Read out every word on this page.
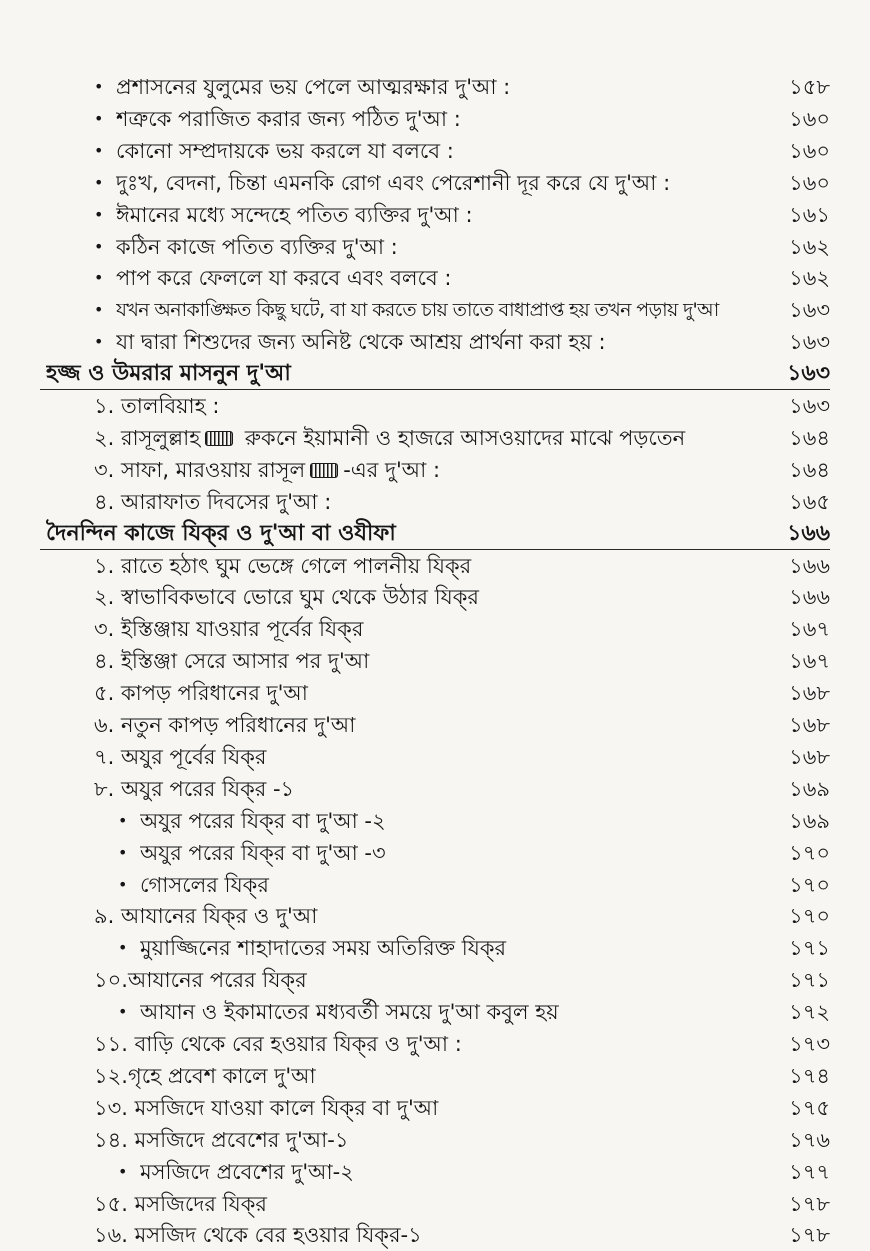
• প্রশাসনের যুলুমের ভয় পেলে আত্মরক্ষার দু'আ :	১৫৮
• শত্রুকে পরাজিত করার জন্য পঠিত দু'আ :	১৬০
• কোনো সম্প্রদায়কে ভয় করলে যা বলবে :	১৬০
• দুঃখ, বেদনা, চিন্তা এমনকি রোগ এবং পেরেশানী দূর করে যে দু'আ :	১৬০
• ঈমানের মধ্যে সন্দেহে পতিত ব্যক্তির দু'আ :	১৬১
• কঠিন কাজে পতিত ব্যক্তির দু'আ :	১৬২
• পাপ করে ফেললে যা করবে এবং বলবে :	১৬২
• যখন অনাকাঙ্ক্ষিত কিছু ঘটে, বা যা করতে চায় তাতে বাধাপ্রাপ্ত হয় তখন পড়ায় দু'আ	১৬৩
• যা দ্বারা শিশুদের জন্য অনিষ্ট থেকে আশ্রয় প্রার্থনা করা হয় :	১৬৩
হজ্জ ও উমরার মাসনুন দু'আ	১৬৩
১. তালবিয়াহ :	১৬৩
২. রাসূলুল্লাহ রুকনে ইয়ামানী ও হাজরে আসওয়াদের মাঝে পড়তেন	১৬৪
৩. সাফা, মারওয়ায় রাসূল -এর দু'আ :	১৬৪
৪. আরাফাত দিবসের দু'আ :	১৬৫
দৈনন্দিন কাজে যিক্‌র ও দু'আ বা ওযীফা	১৬৬
১. রাতে হঠাৎ ঘুম ভেঙ্গে গেলে পালনীয় যিক্‌র	১৬৬
২. স্বাভাবিকভাবে ভোরে ঘুম থেকে উঠার যিক্‌র	১৬৬
৩. ইস্তিঞ্জায় যাওয়ার পূর্বের যিক্‌র	১৬৭
৪. ইস্তিঞ্জা সেরে আসার পর দু'আ	১৬৭
৫. কাপড় পরিধানের দু'আ	১৬৮
৬. নতুন কাপড় পরিধানের দু'আ	১৬৮
৭. অযুর পূর্বের যিক্‌র	১৬৮
৮. অযুর পরের যিক্‌র -১	১৬৯
• অযুর পরের যিক্‌র বা দু'আ -২	১৬৯
• অযুর পরের যিক্‌র বা দু'আ -৩	১৭০
• গোসলের যিক্‌র	১৭০
৯. আযানের যিক্‌র ও দু'আ	১৭০
• মুয়াজ্জিনের শাহাদাতের সময় অতিরিক্ত যিক্‌র	১৭১
১০.আযানের পরের যিক্‌র	১৭১
• আযান ও ইকামাতের মধ্যবর্তী সময়ে দু'আ কবুল হয়	১৭২
১১. বাড়ি থেকে বের হওয়ার যিক্‌র ও দু'আ :	১৭৩
১২.গৃহে প্রবেশ কালে দু'আ	১৭৪
১৩. মসজিদে যাওয়া কালে যিক্‌র বা দু'আ	১৭৫
১৪. মসজিদে প্রবেশের দু'আ-১	১৭৬
• মসজিদে প্রবেশের দু'আ-২	১৭৭
১৫. মসজিদের যিক্‌র	১৭৮
১৬. মসজিদ থেকে বের হওয়ার যিক্‌র-১	১৭৮
